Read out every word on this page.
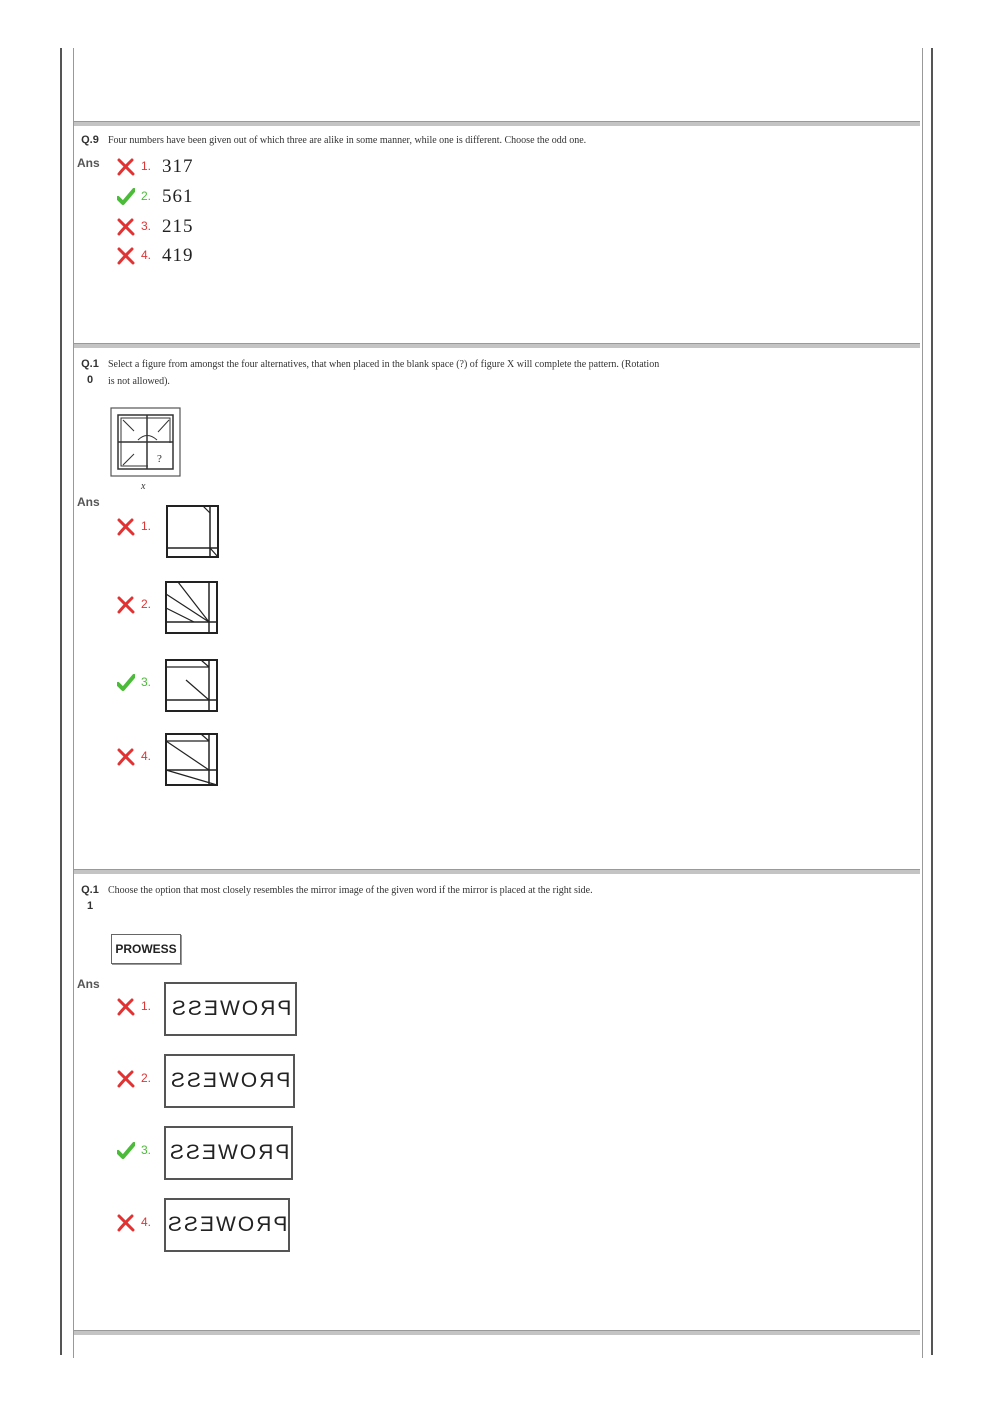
Q.9 Four numbers have been given out of which three are alike in some manner, while one is different. Choose the odd one.
Ans	1. 317
2. 561
3. 215
4. 419
Q.1
0
Select a figure from amongst the four alternatives, that when placed in the blank space (?) of figure X will complete the pattern. (Rotation is not allowed).
?
x
Ans
1.
2.
3.
4.
Q.1
1
Choose the option that most closely resembles the mirror image of the given word if the mirror is placed at the right side.
PROWESS
Ans
1. PROWESS
2. PROWESS
3. PROWESS
4. PROWESS
